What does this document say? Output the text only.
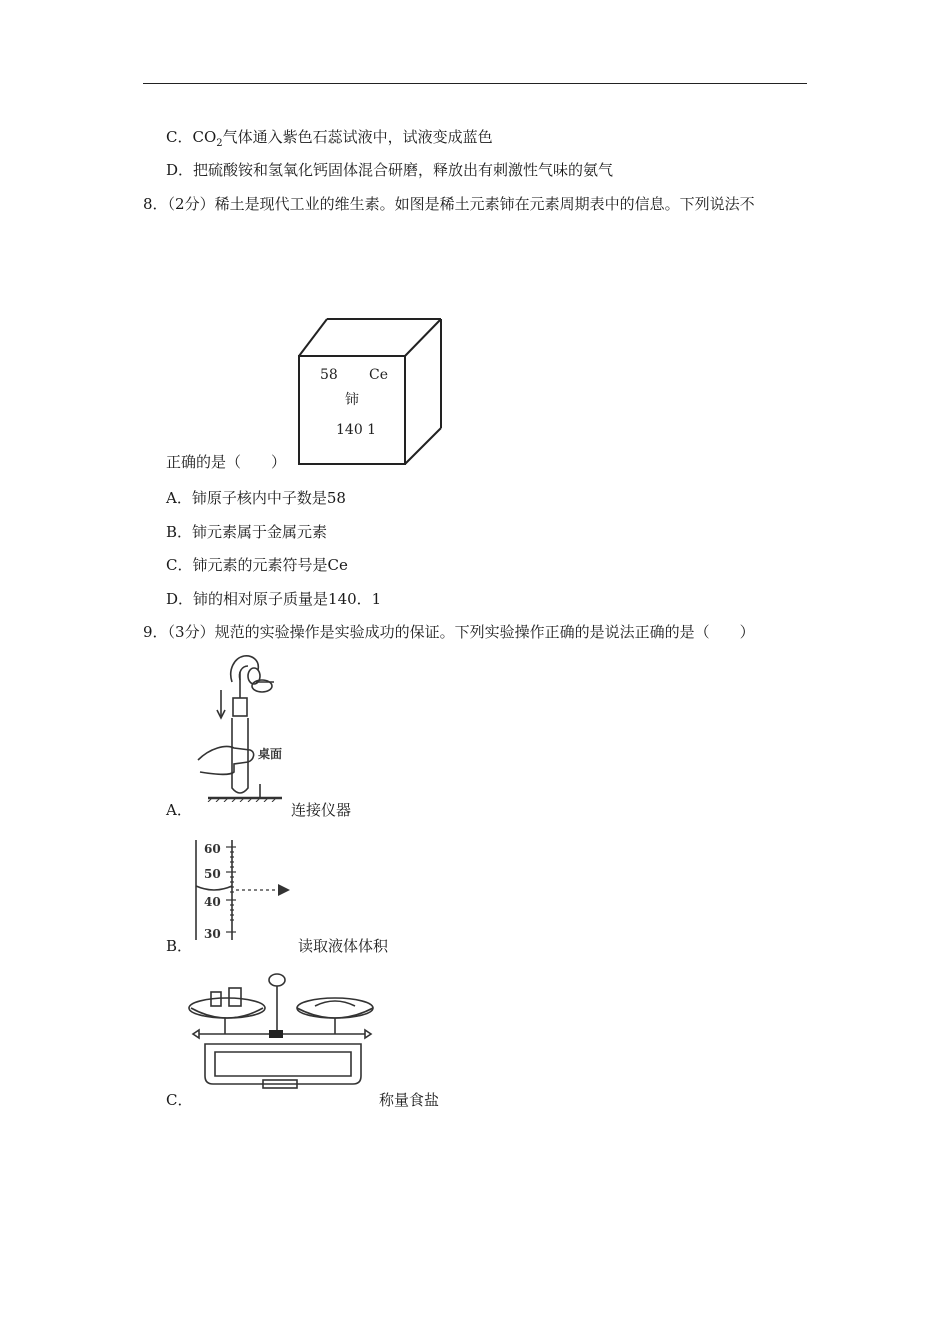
C．$CO_2$气体通入紫色石蕊试液中，试液变成蓝色
D．把硫酸铵和氢氧化钙固体混合研磨，释放出有刺激性气味的氨气
8．（2分）稀土是现代工业的维生素。如图是稀土元素铈在元素周期表中的信息。下列说法不
58 Ce
铈
140 1
正确的是（　　）
A．铈原子核内中子数是58
B．铈元素属于金属元素
C．铈元素的元素符号是Ce
D．铈的相对原子质量是140．1
9．（3分）规范的实验操作是实验成功的保证。下列实验操作正确的是说法正确的是（　　）
桌面
A．	连接仪器
60
50
40
30
B．	读取液体体积
C．	称量食盐
